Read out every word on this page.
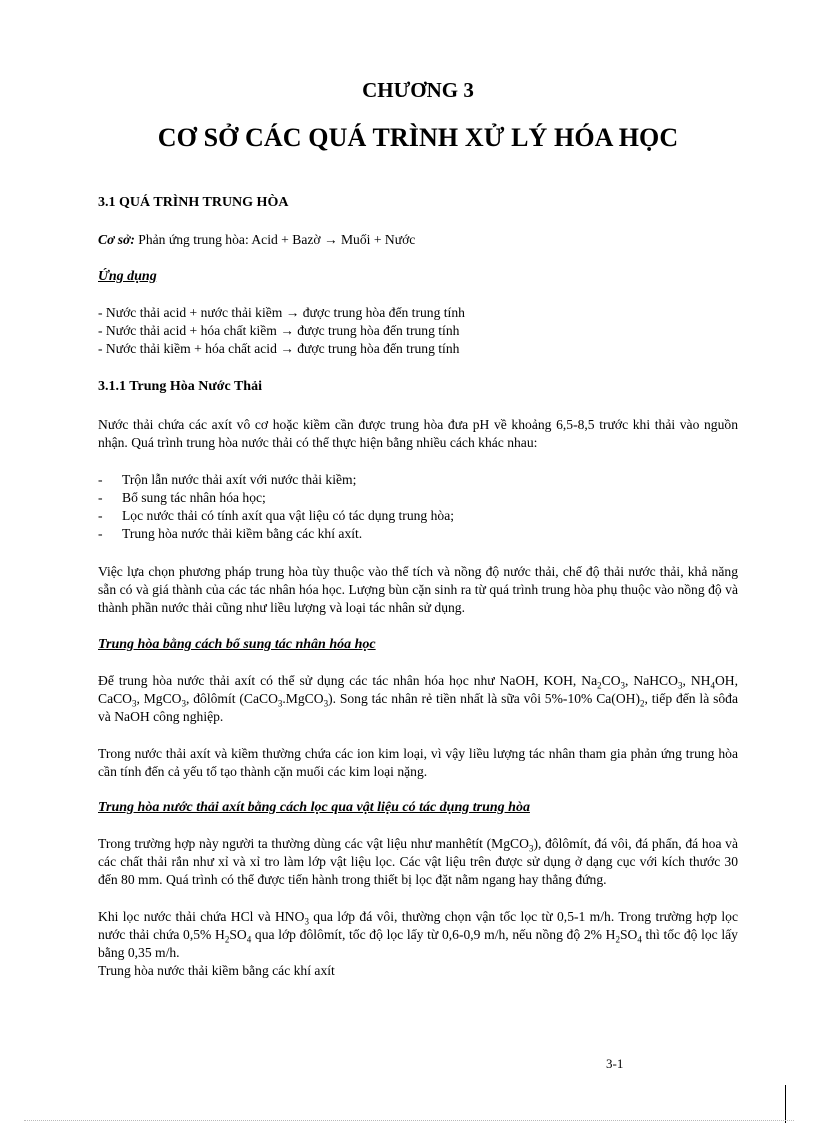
CHƯƠNG 3
CƠ SỞ CÁC QUÁ TRÌNH XỬ LÝ HÓA HỌC
3.1 QUÁ TRÌNH TRUNG HÒA

Cơ sở: Phản ứng trung hòa: Acid + Bazờ → Muối + Nước

Ứng dụng

- Nước thải acid + nước thải kiềm → được trung hòa đến trung tính

- Nước thải acid + hóa chất kiềm → được trung hòa đến trung tính

- Nước thải kiềm + hóa chất acid → được trung hòa đến trung tính

3.1.1 Trung Hòa Nước Thải

Nước thải chứa các axít vô cơ hoặc kiềm cần được trung hòa đưa pH về khoảng 6,5-8,5 trước khi thải vào nguồn nhận. Quá trình trung hòa nước thải có thể thực hiện bằng nhiều cách khác nhau:

- Trộn lẫn nước thải axít với nước thải kiềm;
- Bổ sung tác nhân hóa học;
- Lọc nước thải có tính axít qua vật liệu có tác dụng trung hòa;
- Trung hòa nước thải kiềm bằng các khí axít.

Việc lựa chọn phương pháp trung hòa tùy thuộc vào thể tích và nồng độ nước thải, chế độ thải nước thải, khả năng sẵn có và giá thành của các tác nhân hóa học. Lượng bùn cặn sinh ra từ quá trình trung hòa phụ thuộc vào nồng độ và thành phần nước thải cũng như liều lượng và loại tác nhân sử dụng.

Trung hòa bằng cách bổ sung tác nhân hóa học

Để trung hòa nước thải axít có thể sử dụng các tác nhân hóa học như NaOH, KOH, $Na_2CO_3$, NaHCO$_3$, $NH_4OH$, CaCO$_3$, MgCO$_3$, đôlômít (CaCO$_3$.MgCO$_3$). Song tác nhân rẻ tiền nhất là sữa vôi 5%-10% $Ca(OH)_2$, tiếp đến là sôđa và NaOH công nghiệp.

Trong nước thải axít và kiềm thường chứa các ion kim loại, vì vậy liều lượng tác nhân tham gia phản ứng trung hòa cần tính đến cả yếu tố tạo thành cặn muối các kim loại nặng.

Trung hòa nước thải axít bằng cách lọc qua vật liệu có tác dụng trung hòa

Trong trường hợp này người ta thường dùng các vật liệu như manhêtít (MgCO$_3$), đôlômít, đá vôi, đá phấn, đá hoa và các chất thải rắn như xỉ và xỉ tro làm lớp vật liệu lọc. Các vật liệu trên được sử dụng ở dạng cục với kích thước 30 đến 80 mm. Quá trình có thể được tiến hành trong thiết bị lọc đặt nằm ngang hay thẳng đứng.

Khi lọc nước thải chứa HCl và $HNO_3$ qua lớp đá vôi, thường chọn vận tốc lọc từ 0,5-1 m/h. Trong trường hợp lọc nước thải chứa 0,5% $H_2SO_4$ qua lớp đôlômít, tốc độ lọc lấy từ 0,6-0,9 m/h, nếu nồng độ 2% $H_2SO_4$ thì tốc độ lọc lấy bằng 0,35 m/h.

Trung hòa nước thải kiềm bằng các khí axít

3-1
